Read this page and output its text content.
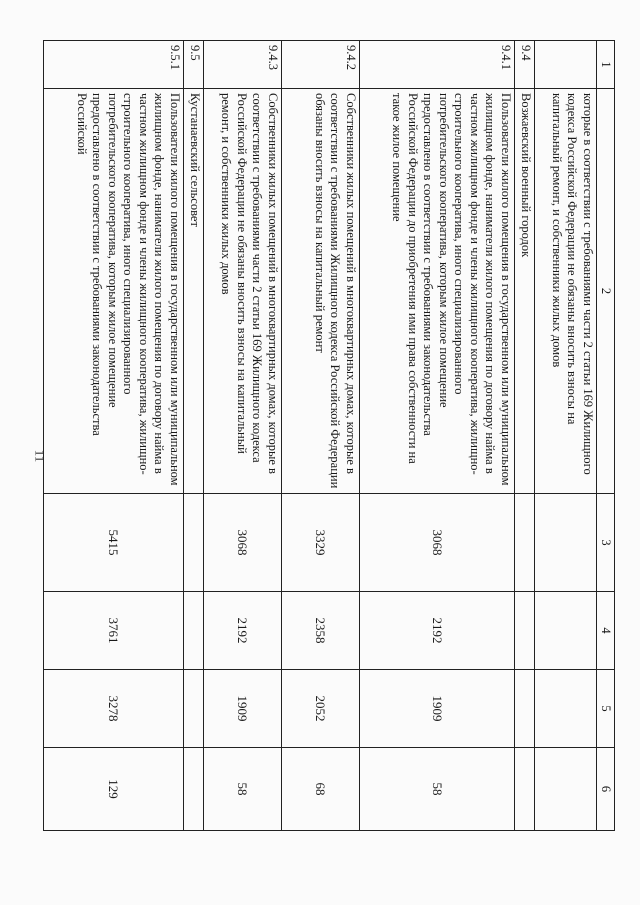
11
1	2	3	4	5	6
	которые в соответствии с требованиями части 2 статьи 169 Жилищного кодекса Российской Федерации не обязаны вносить взносы на капитальный ремонт, и собственники жилых домов				
9.4	Возжаевский военный городок				
9.4.1	Пользователи жилого помещения в государственном или муниципальном жилищном фонде, наниматели жилого помещения по договору найма в частном жилищном фонде и члены жилищного кооператива, жилищно-строительного кооператива, иного специализированного потребительского кооператива, которым жилое помещение предоставлено в соответствии с требованиями законодательства Российской Федерации до приобретения ими права собственности на такое жилое помещение	3068	2192	1909	58
9.4.2	Собственники жилых помещений в многоквартирных домах, которые в соответствии с требованиями Жилищного кодекса Российской Федерации обязаны вносить взносы на капитальный ремонт	3329	2358	2052	68
9.4.3	Собственники жилых помещений в многоквартирных домах, которые в соответствии с требованиями части 2 статьи 169 Жилищного кодекса Российской Федерации не обязаны вносить взносы на капитальный ремонт, и собственники жилых домов	3068	2192	1909	58
9.5	Кустанаевский сельсовет				
9.5.1	Пользователи жилого помещения в государственном или муниципальном жилищном фонде, наниматели жилого помещения по договору найма в частном жилищном фонде и члены жилищного кооператива, жилищно-строительного кооператива, иного специализированного потребительского кооператива, которым жилое помещение предоставлено в соответствии с требованиями законодательства Российской	5415	3761	3278	129
